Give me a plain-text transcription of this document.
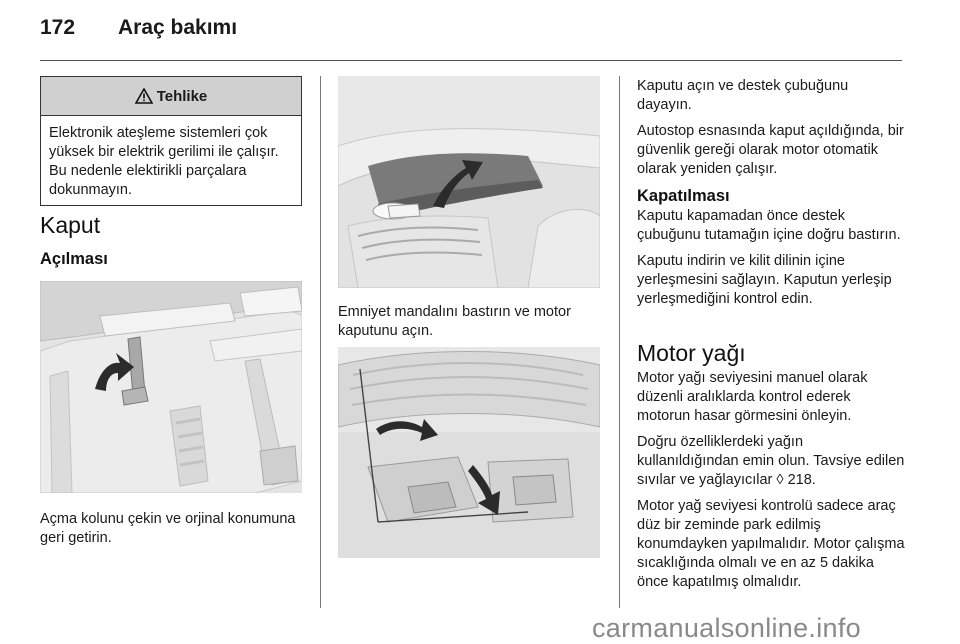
172 Araç bakımı
Tehlike
Elektronik ateşleme sistemleri çok yüksek bir elektrik gerilimi ile çalışır. Bu nedenle elektirikli parçalara dokunmayın.
Kaput
Açılması
Açma kolunu çekin ve orjinal konumuna geri getirin.
Emniyet mandalını bastırın ve motor kaputunu açın.

Kaputu açın ve destek çubuğunu dayayın.

Autostop esnasında kaput açıldığında, bir güvenlik gereği olarak motor otomatik olarak yeniden çalışır.

Kapatılması

Kaputu kapamadan önce destek çubuğunu tutamağın içine doğru bastırın.

Kaputu indirin ve kilit dilinin içine yerleşmesini sağlayın. Kaputun yerleşip yerleşmediğini kontrol edin.

Motor yağı

Motor yağı seviyesini manuel olarak düzenli aralıklarda kontrol ederek motorun hasar görmesini önleyin.

Doğru özelliklerdeki yağın kullanıldığından emin olun. Tavsiye edilen sıvılar ve yağlayıcılar ◊ 218.

Motor yağ seviyesi kontrolü sadece araç düz bir zeminde park edilmiş konumdayken yapılmalıdır. Motor çalışma sıcaklığında olmalı ve en az 5 dakika önce kapatılmış olmalıdır.

carmanualsonline.info
